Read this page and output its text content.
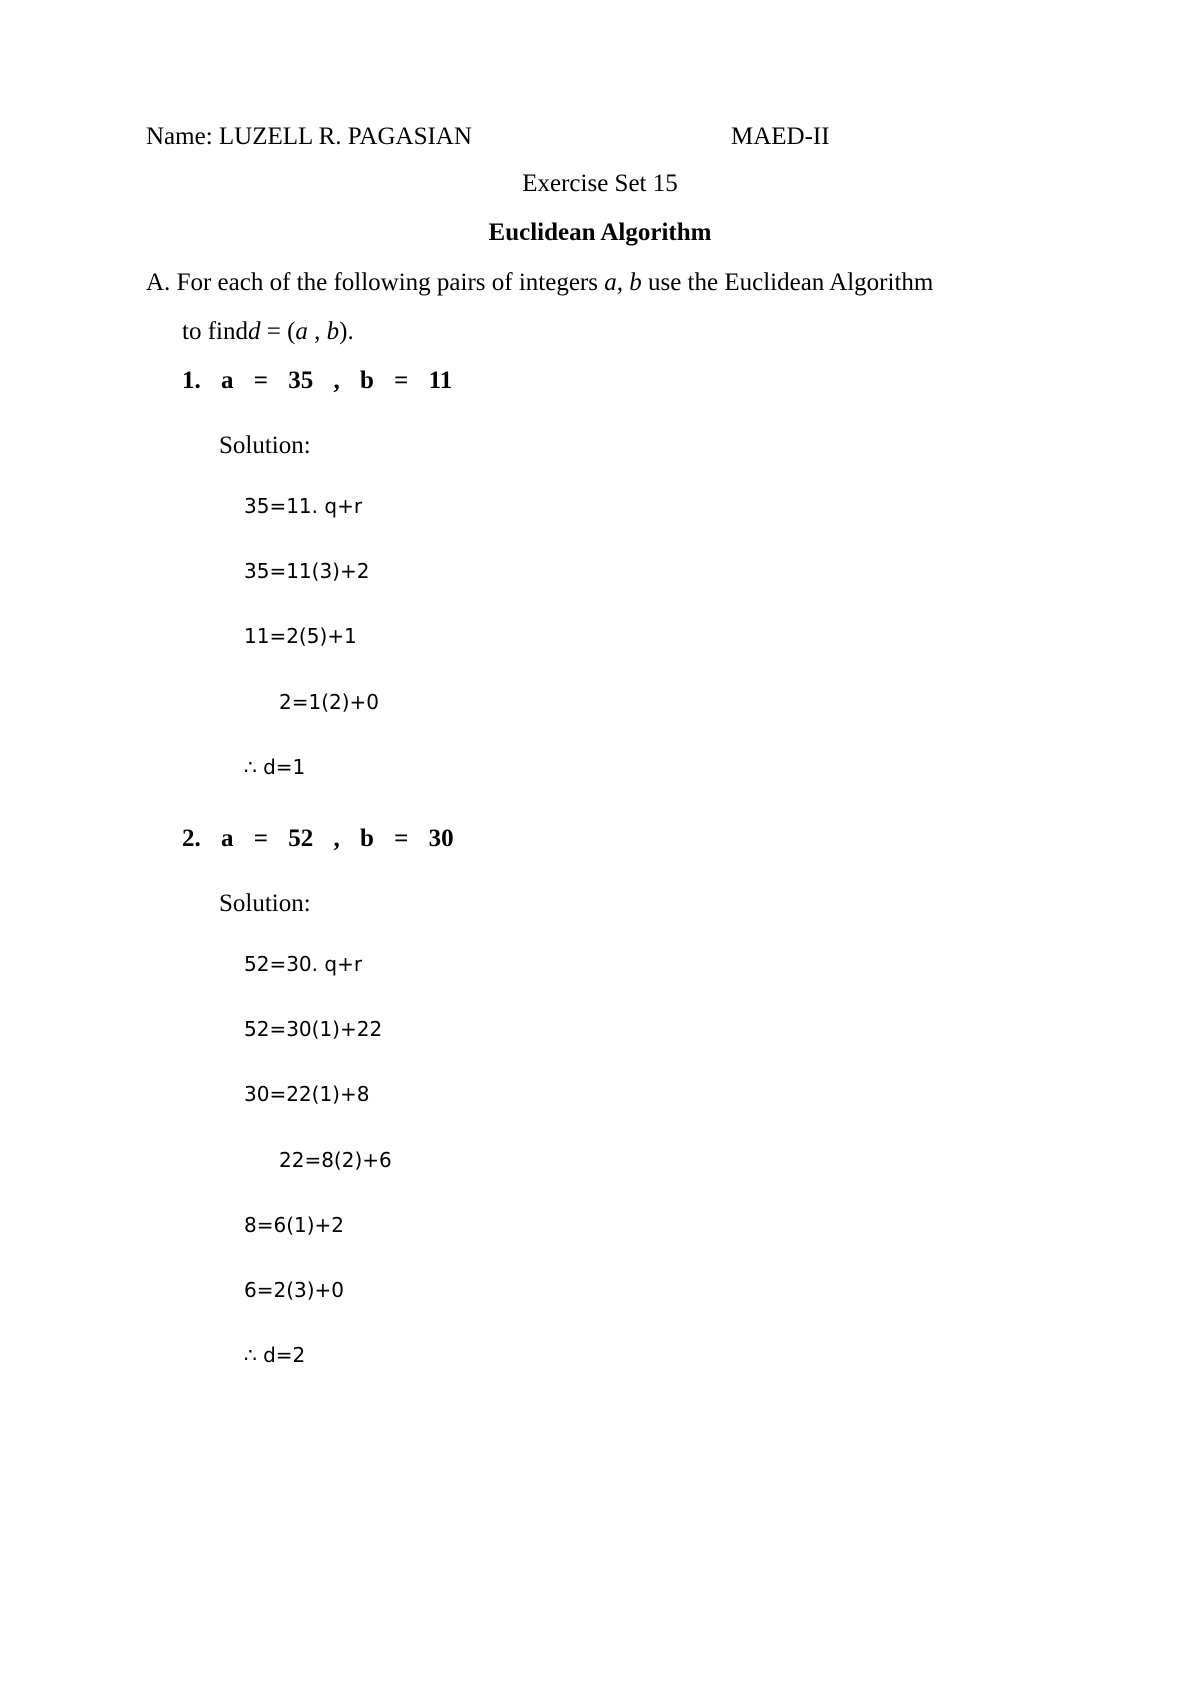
Name: LUZELL R. PAGASIAN	MAED-II
Exercise Set 15
Euclidean Algorithm
A. For each of the following pairs of integers a, b use the Euclidean Algorithm
to findd = (a , b).
1. a = 35 , b = 11
Solution:
35=11. q+r
35=11(3)+2
11=2(5)+1
2=1(2)+0
∴ d=1
2. a = 52 , b = 30
Solution:
52=30. q+r
52=30(1)+22
30=22(1)+8
22=8(2)+6
8=6(1)+2
6=2(3)+0
∴ d=2
